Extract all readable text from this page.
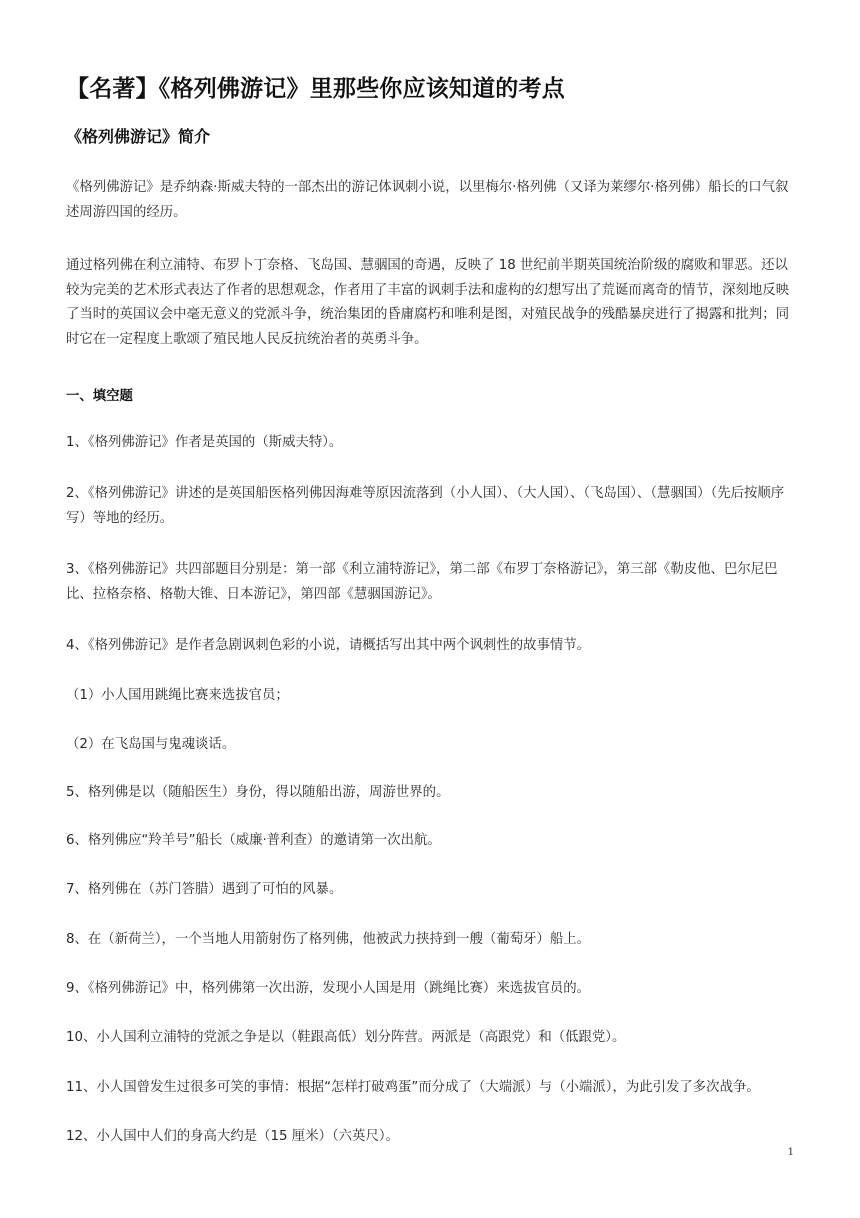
【名著】《格列佛游记》里那些你应该知道的考点
《格列佛游记》简介
《格列佛游记》是乔纳森·斯威夫特的一部杰出的游记体讽刺小说，以里梅尔·格列佛（又译为莱缪尔·格列佛）船长的口气叙述周游四国的经历。
通过格列佛在利立浦特、布罗卜丁奈格、飞岛国、慧骃国的奇遇，反映了 18 世纪前半期英国统治阶级的腐败和罪恶。还以较为完美的艺术形式表达了作者的思想观念，作者用了丰富的讽刺手法和虚构的幻想写出了荒诞而离奇的情节，深刻地反映了当时的英国议会中毫无意义的党派斗争，统治集团的昏庸腐朽和唯利是图，对殖民战争的残酷暴戾进行了揭露和批判；同时它在一定程度上歌颂了殖民地人民反抗统治者的英勇斗争。
一、填空题
1、《格列佛游记》作者是英国的（斯威夫特）。
2、《格列佛游记》讲述的是英国船医格列佛因海难等原因流落到（小人国）、（大人国）、（飞岛国）、（慧骃国）（先后按顺序写）等地的经历。
3、《格列佛游记》共四部题目分别是：第一部《利立浦特游记》，第二部《布罗丁奈格游记》，第三部《勒皮他、巴尔尼巴比、拉格奈格、格勒大锥、日本游记》，第四部《慧骃国游记》。
4、《格列佛游记》是作者急剧讽刺色彩的小说，请概括写出其中两个讽刺性的故事情节。
（1）小人国用跳绳比赛来选拔官员；
（2）在飞岛国与鬼魂谈话。
5、格列佛是以（随船医生）身份，得以随船出游，周游世界的。
6、格列佛应“羚羊号”船长（威廉·普利查）的邀请第一次出航。
7、格列佛在（苏门答腊）遇到了可怕的风暴。
8、在（新荷兰），一个当地人用箭射伤了格列佛，他被武力挟持到一艘（葡萄牙）船上。
9、《格列佛游记》中，格列佛第一次出游，发现小人国是用（跳绳比赛）来选拔官员的。
10、小人国利立浦特的党派之争是以（鞋跟高低）划分阵营。两派是（高跟党）和（低跟党）。
11、小人国曾发生过很多可笑的事情：根据“怎样打破鸡蛋”而分成了（大端派）与（小端派），为此引发了多次战争。
12、小人国中人们的身高大约是（15 厘米）（六英尺）。
1
